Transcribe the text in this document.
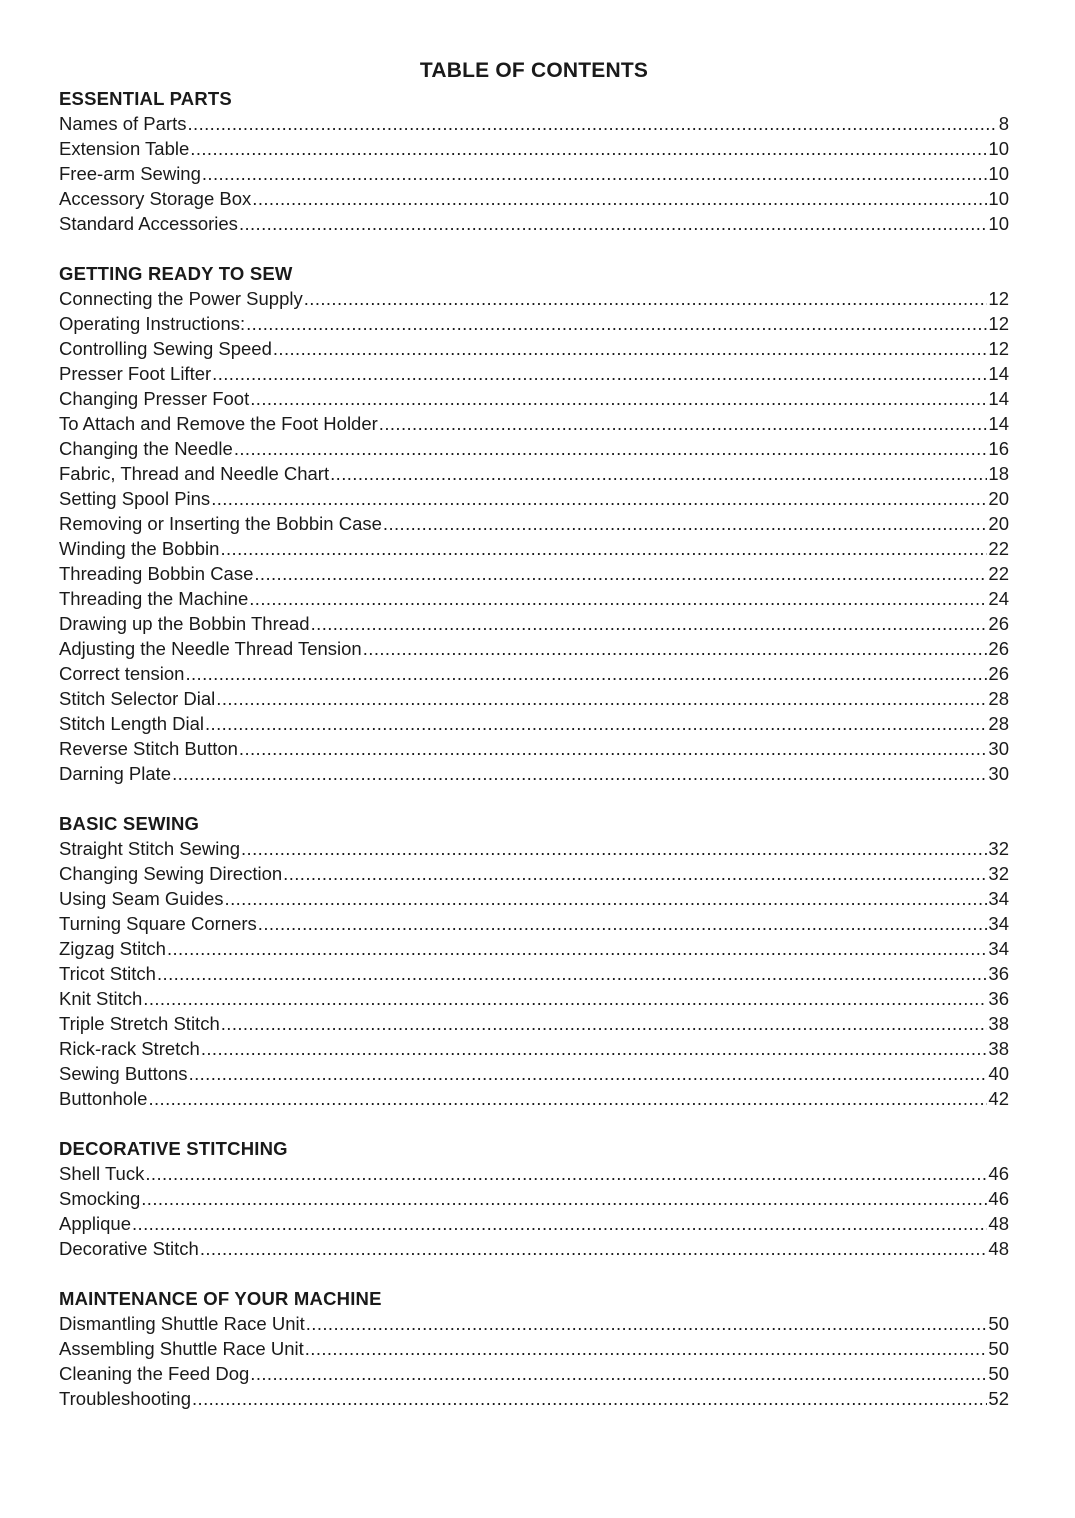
TABLE OF CONTENTS
ESSENTIAL PARTS
Names of Parts .....	8
Extension Table .....	10
Free-arm Sewing .....	10
Accessory Storage Box .....	10
Standard Accessories .....	10
GETTING READY TO SEW
Connecting the Power Supply .....	12
Operating Instructions: .....	12
Controlling Sewing Speed .....	12
Presser Foot Lifter .....	14
Changing Presser Foot .....	14
To Attach and Remove the Foot Holder .....	14
Changing the Needle .....	16
Fabric, Thread and Needle Chart .....	18
Setting Spool Pins .....	20
Removing or Inserting the Bobbin Case .....	20
Winding the Bobbin .....	22
Threading Bobbin Case .....	22
Threading the Machine .....	24
Drawing up the Bobbin Thread .....	26
Adjusting the Needle Thread Tension .....	26
Correct tension .....	26
Stitch Selector Dial .....	28
Stitch Length Dial .....	28
Reverse Stitch Button .....	30
Darning Plate .....	30
BASIC SEWING
Straight Stitch Sewing .....	32
Changing Sewing Direction .....	32
Using Seam Guides .....	34
Turning Square Corners .....	34
Zigzag Stitch .....	34
Tricot Stitch .....	36
Knit Stitch .....	36
Triple Stretch Stitch .....	38
Rick-rack Stretch .....	38
Sewing Buttons .....	40
Buttonhole .....	42
DECORATIVE STITCHING
Shell Tuck .....	46
Smocking .....	46
Applique .....	48
Decorative Stitch .....	48
MAINTENANCE OF YOUR MACHINE
Dismantling Shuttle Race Unit .....	50
Assembling Shuttle Race Unit .....	50
Cleaning the Feed Dog .....	50
Troubleshooting .....	52
